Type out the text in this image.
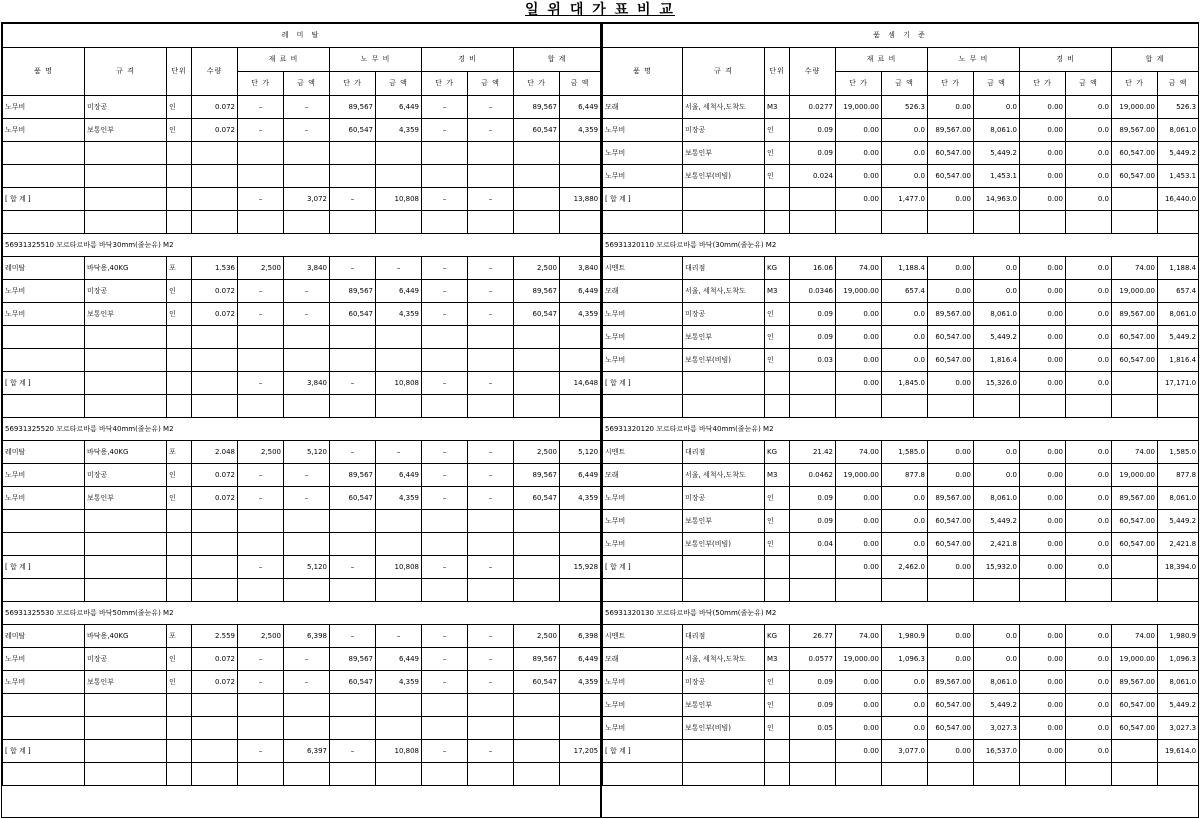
일 위 대 가 표 비 교
레 미 탈											
품 명	규 격	단위	수량	재 료 비		노 무 비		경 비		합 계	
				단 가	금 액	단 가	금 액	단 가	금 액	단 가	금 액
노무비	미장공	인	0.072	–	–	89,567	6,449	–	–	89,567	6,449
노무비	보통인부	인	0.072	–	–	60,547	4,359	–	–	60,547	4,359

[ 합 계 ]				–	3,072	–	10,808	–	–		13,880

56931325510 모르타르바름 바닥30mm(줄눈유) M2											
레미탈	바닥용,40KG	포	1.536	2,500	3,840	–	–	–	–	2,500	3,840
노무비	미장공	인	0.072	–	–	89,567	6,449	–	–	89,567	6,449
노무비	보통인부	인	0.072	–	–	60,547	4,359	–	–	60,547	4,359

[ 합 계 ]				–	3,840	–	10,808	–	–		14,648

56931325520 모르타르바름 바닥40mm(줄눈유) M2											
레미탈	바닥용,40KG	포	2.048	2,500	5,120	–	–	–	–	2,500	5,120
노무비	미장공	인	0.072	–	–	89,567	6,449	–	–	89,567	6,449
노무비	보통인부	인	0.072	–	–	60,547	4,359	–	–	60,547	4,359

[ 합 계 ]				–	5,120	–	10,808	–	–		15,928

56931325530 모르타르바름 바닥50mm(줄눈유) M2											
레미탈	바닥용,40KG	포	2.559	2,500	6,398	–	–	–	–	2,500	6,398
노무비	미장공	인	0.072	–	–	89,567	6,449	–	–	89,567	6,449
노무비	보통인부	인	0.072	–	–	60,547	4,359	–	–	60,547	4,359

[ 합 계 ]				–	6,397	–	10,808	–	–		17,205

품 셈 기 준											
품 명	규 격	단위	수량	재 료 비		노 무 비		경 비		합 계	
				단 가	금 액	단 가	금 액	단 가	금 액	단 가	금 액
모래	서울, 세척사,도착도	M3	0.0277	19,000.00	526.3	0.00	0.0	0.00	0.0	19,000.00	526.3
노무비	미장공	인	0.09	0.00	0.0	89,567.00	8,061.0	0.00	0.0	89,567.00	8,061.0
노무비	보통인부	인	0.09	0.00	0.0	60,547.00	5,449.2	0.00	0.0	60,547.00	5,449.2
노무비	보통인부(비빔)	인	0.024	0.00	0.0	60,547.00	1,453.1	0.00	0.0	60,547.00	1,453.1
[ 합 계 ]				0.00	1,477.0	0.00	14,963.0	0.00	0.0		16,440.0

56931320110 모르타르바름 바닥(30mm(줄눈유) M2											
시멘트	대리점	KG	16.06	74.00	1,188.4	0.00	0.0	0.00	0.0	74.00	1,188.4
모래	서울, 세척사,도착도	M3	0.0346	19,000.00	657.4	0.00	0.0	0.00	0.0	19,000.00	657.4
노무비	미장공	인	0.09	0.00	0.0	89,567.00	8,061.0	0.00	0.0	89,567.00	8,061.0
노무비	보통인부	인	0.09	0.00	0.0	60,547.00	5,449.2	0.00	0.0	60,547.00	5,449.2
노무비	보통인부(비빔)	인	0.03	0.00	0.0	60,547.00	1,816.4	0.00	0.0	60,547.00	1,816.4
[ 합 계 ]				0.00	1,845.0	0.00	15,326.0	0.00	0.0		17,171.0

56931320120 모르타르바름 바닥40mm(줄눈유) M2											
시멘트	대리점	KG	21.42	74.00	1,585.0	0.00	0.0	0.00	0.0	74.00	1,585.0
모래	서울, 세척사,도착도	M3	0.0462	19,000.00	877.8	0.00	0.0	0.00	0.0	19,000.00	877.8
노무비	미장공	인	0.09	0.00	0.0	89,567.00	8,061.0	0.00	0.0	89,567.00	8,061.0
노무비	보통인부	인	0.09	0.00	0.0	60,547.00	5,449.2	0.00	0.0	60,547.00	5,449.2
노무비	보통인부(비빔)	인	0.04	0.00	0.0	60,547.00	2,421.8	0.00	0.0	60,547.00	2,421.8
[ 합 계 ]				0.00	2,462.0	0.00	15,932.0	0.00	0.0		18,394.0

56931320130 모르타르바름 바닥(50mm(줄눈유) M2											
시멘트	대리점	KG	26.77	74.00	1,980.9	0.00	0.0	0.00	0.0	74.00	1,980.9
모래	서울, 세척사,도착도	M3	0.0577	19,000.00	1,096.3	0.00	0.0	0.00	0.0	19,000.00	1,096.3
노무비	미장공	인	0.09	0.00	0.0	89,567.00	8,061.0	0.00	0.0	89,567.00	8,061.0
노무비	보통인부	인	0.09	0.00	0.0	60,547.00	5,449.2	0.00	0.0	60,547.00	5,449.2
노무비	보통인부(비빔)	인	0.05	0.00	0.0	60,547.00	3,027.3	0.00	0.0	60,547.00	3,027.3
[ 합 계 ]				0.00	3,077.0	0.00	16,537.0	0.00	0.0		19,614.0
